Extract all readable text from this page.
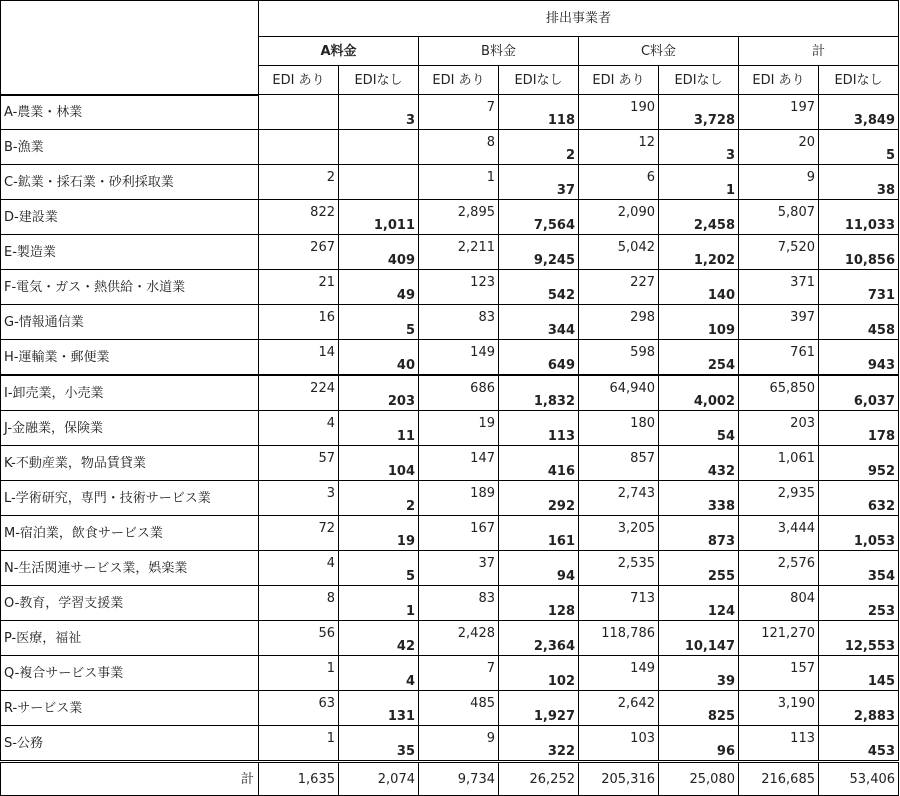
	排出事業者							
	A料金		B料金		C料金		計	
	EDI あり	EDIなし	EDI あり	EDIなし	EDI あり	EDIなし	EDI あり	EDIなし
A-農業・林業		3	7	118	190	3,728	197	3,849
B-漁業			8	2	12	3	20	5
C-鉱業・採石業・砂利採取業	2		1	37	6	1	9	38
D-建設業	822	1,011	2,895	7,564	2,090	2,458	5,807	11,033
E-製造業	267	409	2,211	9,245	5,042	1,202	7,520	10,856
F-電気・ガス・熱供給・水道業	21	49	123	542	227	140	371	731
G-情報通信業	16	5	83	344	298	109	397	458
H-運輸業・郵便業	14	40	149	649	598	254	761	943
I-卸売業，小売業	224	203	686	1,832	64,940	4,002	65,850	6,037
J-金融業，保険業	4	11	19	113	180	54	203	178
K-不動産業，物品賃貸業	57	104	147	416	857	432	1,061	952
L-学術研究，専門・技術サービス業	3	2	189	292	2,743	338	2,935	632
M-宿泊業，飲食サービス業	72	19	167	161	3,205	873	3,444	1,053
N-生活関連サービス業，娯楽業	4	5	37	94	2,535	255	2,576	354
O-教育，学習支援業	8	1	83	128	713	124	804	253
P-医療，福祉	56	42	2,428	2,364	118,786	10,147	121,270	12,553
Q-複合サービス事業	1	4	7	102	149	39	157	145
R-サービス業	63	131	485	1,927	2,642	825	3,190	2,883
S-公務	1	35	9	322	103	96	113	453
計	1,635	2,074	9,734	26,252	205,316	25,080	216,685	53,406
